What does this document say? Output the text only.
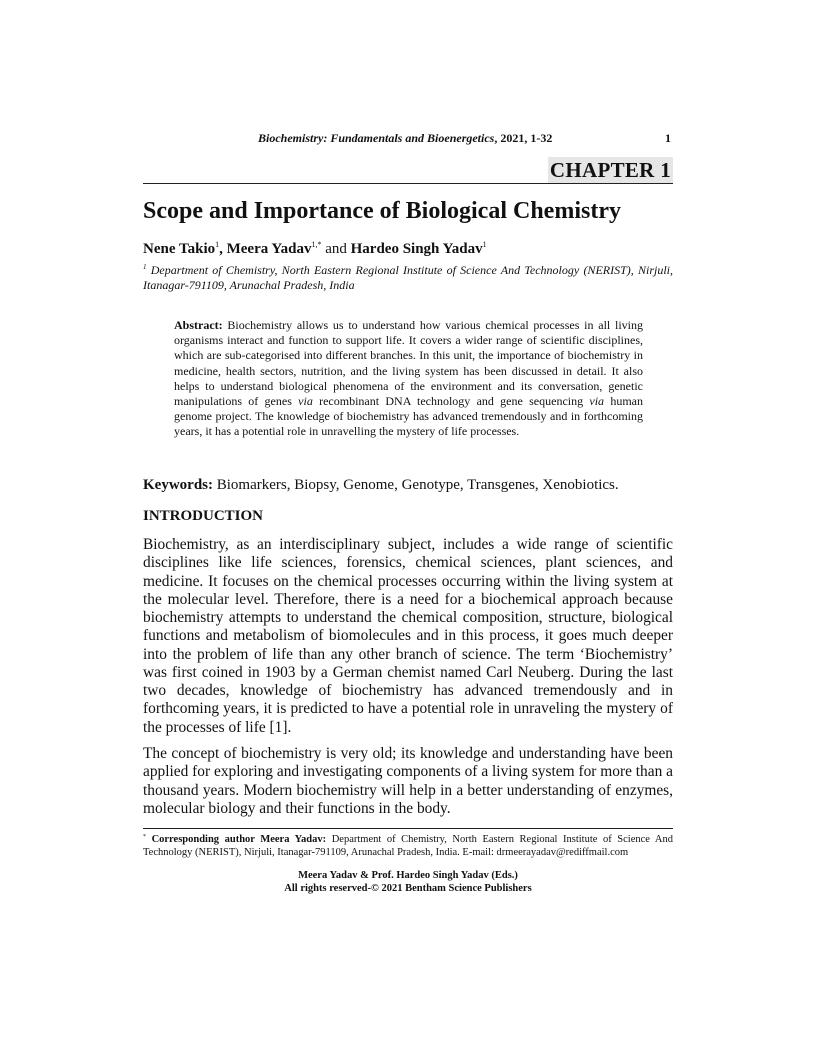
Biochemistry: Fundamentals and Bioenergetics, 2021, 1-32	1
CHAPTER 1
Scope and Importance of Biological Chemistry
Nene Takio$^1$, Meera Yadav$^{1,*}$ and Hardeo Singh Yadav$^1$
$^1$ Department of Chemistry, North Eastern Regional Institute of Science And Technology (NERIST), Nirjuli, Itanagar-791109, Arunachal Pradesh, India
Abstract: Biochemistry allows us to understand how various chemical processes in all living organisms interact and function to support life. It covers a wider range of scientific disciplines, which are sub-categorised into different branches. In this unit, the importance of biochemistry in medicine, health sectors, nutrition, and the living system has been discussed in detail. It also helps to understand biological phenomena of the environment and its conversation, genetic manipulations of genes via recombinant DNA technology and gene sequencing via human genome project. The knowledge of biochemistry has advanced tremendously and in forthcoming years, it has a potential role in unravelling the mystery of life processes.
Keywords: Biomarkers, Biopsy, Genome, Genotype, Transgenes, Xenobiotics.
INTRODUCTION

Biochemistry, as an interdisciplinary subject, includes a wide range of scientific disciplines like life sciences, forensics, chemical sciences, plant sciences, and medicine. It focuses on the chemical processes occurring within the living system at the molecular level. Therefore, there is a need for a biochemical approach because biochemistry attempts to understand the chemical composition, structure, biological functions and metabolism of biomolecules and in this process, it goes much deeper into the problem of life than any other branch of science. The term ‘Biochemistry’ was first coined in 1903 by a German chemist named Carl Neuberg. During the last two decades, knowledge of biochemistry has advanced tremendously and in forthcoming years, it is predicted to have a potential role in unraveling the mystery of the processes of life [1].

The concept of biochemistry is very old; its knowledge and understanding have been applied for exploring and investigating components of a living system for more than a thousand years. Modern biochemistry will help in a better understanding of enzymes, molecular biology and their functions in the body.

* Corresponding author Meera Yadav: Department of Chemistry, North Eastern Regional Institute of Science And Technology (NERIST), Nirjuli, Itanagar-791109, Arunachal Pradesh, India. E-mail: drmeerayadav@rediffmail.com
Meera Yadav & Prof. Hardeo Singh Yadav (Eds.)
All rights reserved-© 2021 Bentham Science Publishers
